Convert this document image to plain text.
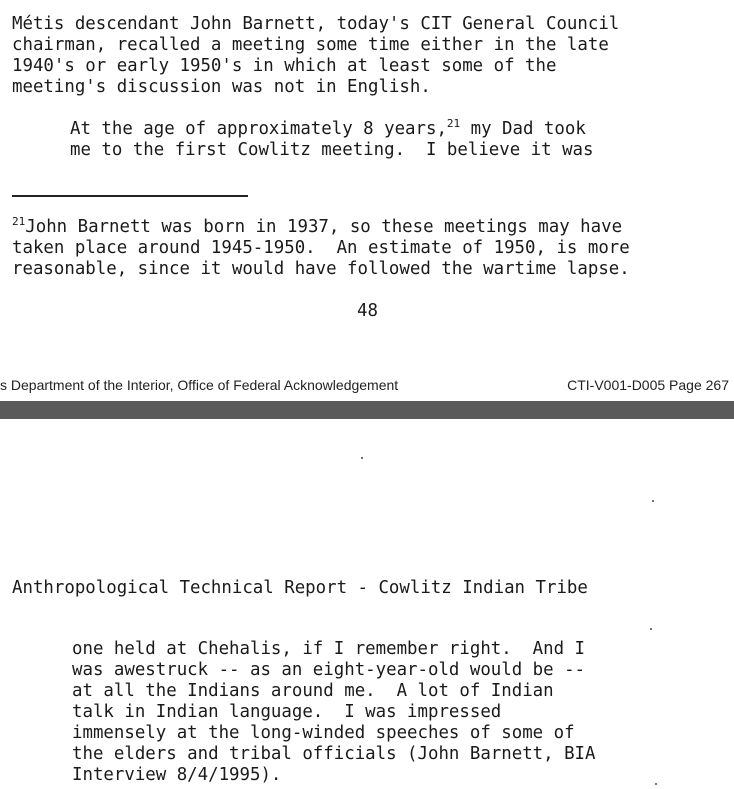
Métis descendant John Barnett, today's CIT General Council
chairman, recalled a meeting some time either in the late
1940's or early 1950's in which at least some of the
meeting's discussion was not in English.
At the age of approximately 8 years,$^{21}$ my Dad took
me to the first Cowlitz meeting.  I believe it was
$^{21}$John Barnett was born in 1937, so these meetings may have
taken place around 1945-1950.  An estimate of 1950, is more
reasonable, since it would have followed the wartime lapse.
48
s Department of the Interior, Office of Federal Acknowledgement	CTI-V001-D005 Page 267
Anthropological Technical Report - Cowlitz Indian Tribe
one held at Chehalis, if I remember right.  And I
was awestruck -- as an eight-year-old would be --
at all the Indians around me.  A lot of Indian
talk in Indian language.  I was impressed
immensely at the long-winded speeches of some of
the elders and tribal officials (John Barnett, BIA
Interview 8/4/1995).
